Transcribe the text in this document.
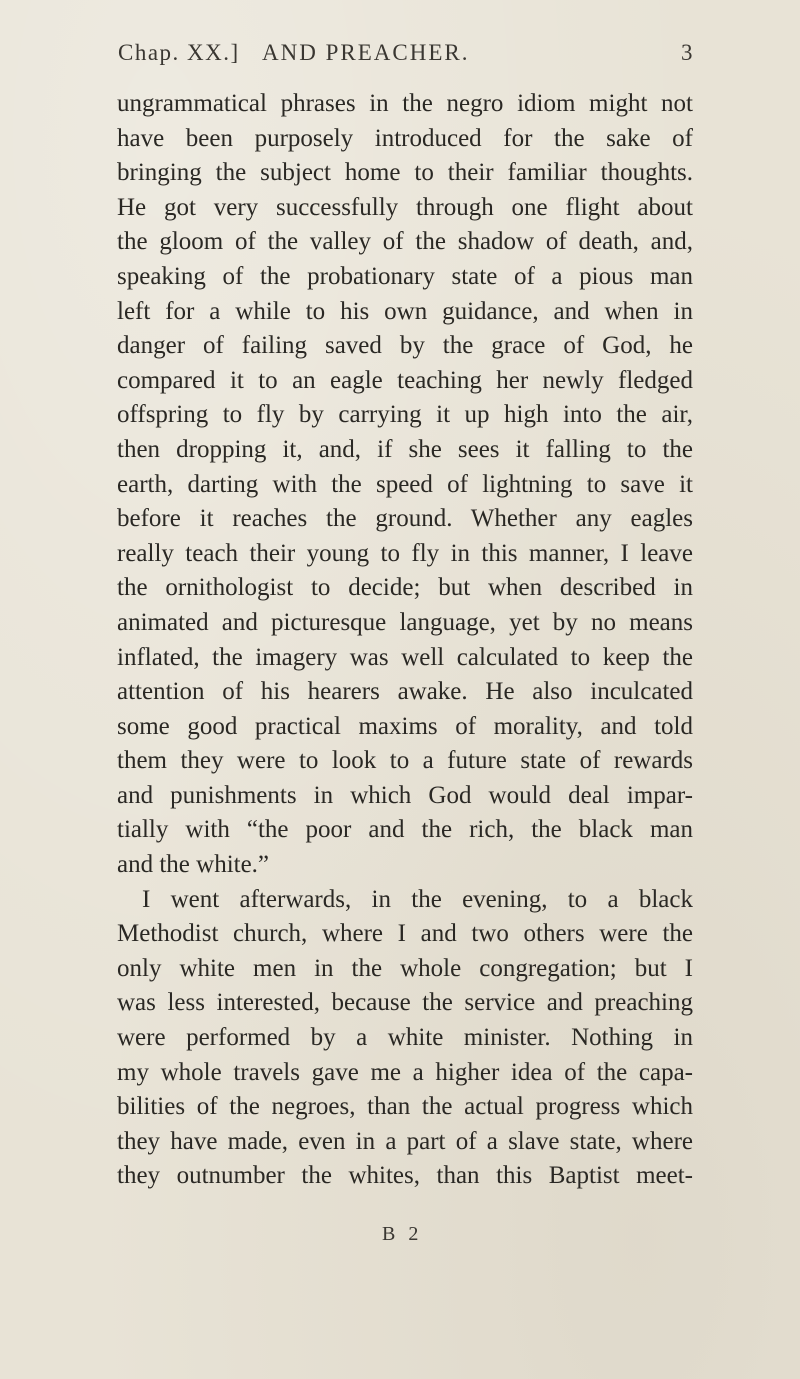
Chap. XX.] AND PREACHER.	3
ungrammatical phrases in the negro idiom might not
have been purposely introduced for the sake of
bringing the subject home to their familiar thoughts.
He got very successfully through one flight about
the gloom of the valley of the shadow of death, and,
speaking of the probationary state of a pious man
left for a while to his own guidance, and when in
danger of failing saved by the grace of God, he
compared it to an eagle teaching her newly fledged
offspring to fly by carrying it up high into the air,
then dropping it, and, if she sees it falling to the
earth, darting with the speed of lightning to save it
before it reaches the ground. Whether any eagles
really teach their young to fly in this manner, I leave
the ornithologist to decide; but when described in
animated and picturesque language, yet by no means
inflated, the imagery was well calculated to keep the
attention of his hearers awake. He also inculcated
some good practical maxims of morality, and told
them they were to look to a future state of rewards
and punishments in which God would deal impar-
tially with “the poor and the rich, the black man
and the white.”
I went afterwards, in the evening, to a black
Methodist church, where I and two others were the
only white men in the whole congregation; but I
was less interested, because the service and preaching
were performed by a white minister. Nothing in
my whole travels gave me a higher idea of the capa-
bilities of the negroes, than the actual progress which
they have made, even in a part of a slave state, where
they outnumber the whites, than this Baptist meet-
B 2
